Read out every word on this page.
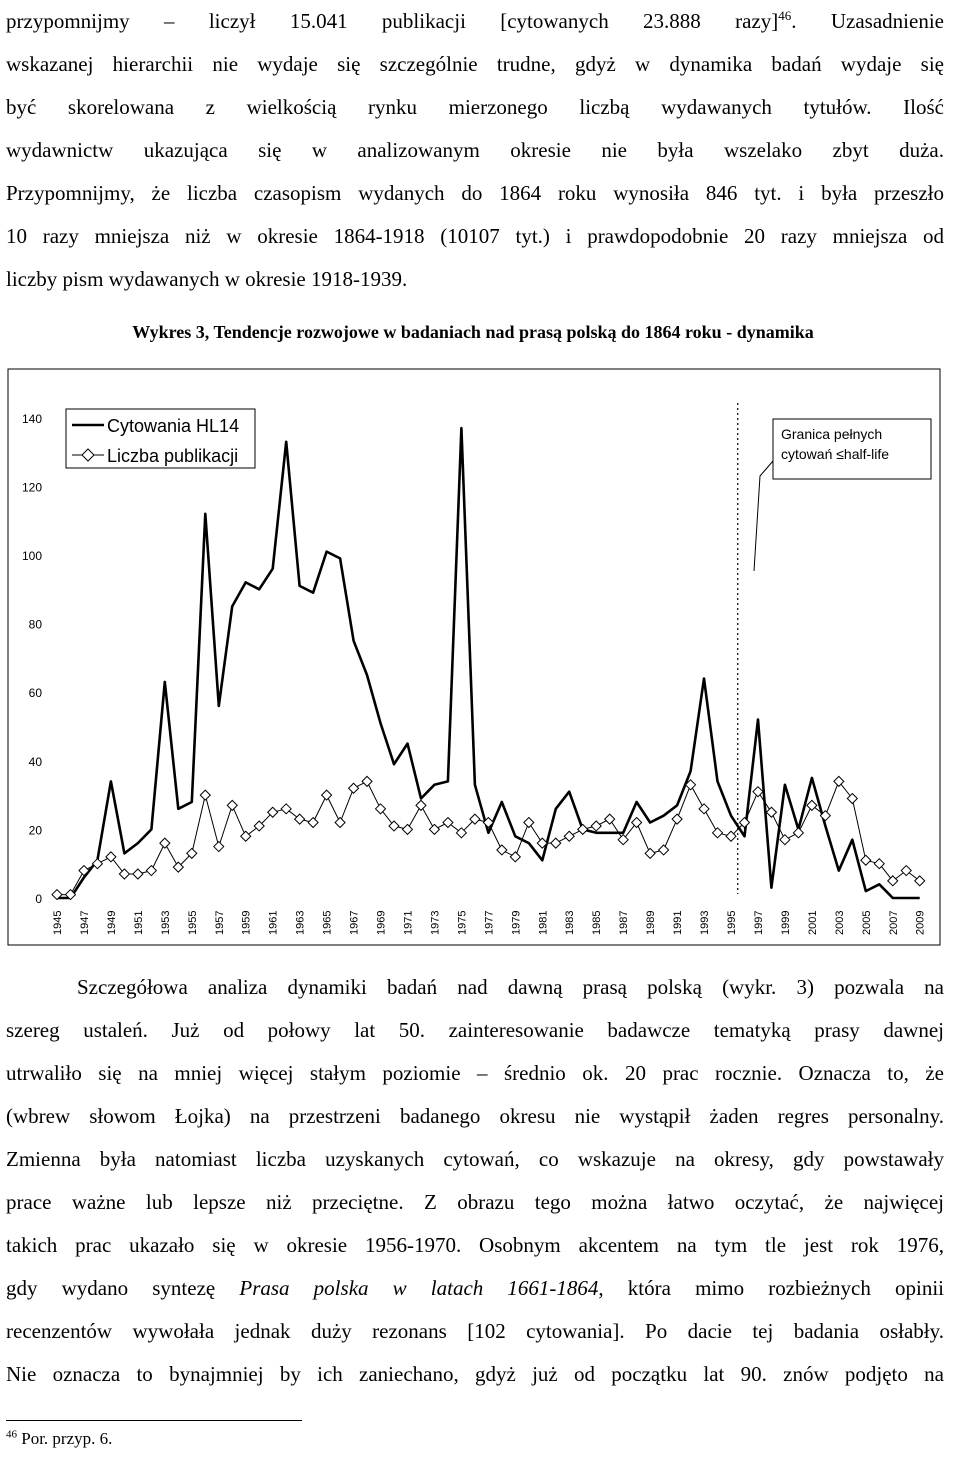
przypomnijmy – liczył 15.041 publikacji [cytowanych 23.888 razy]$^{46}$. Uzasadnienie
wskazanej hierarchii nie wydaje się szczególnie trudne, gdyż w dynamika badań wydaje się
być skorelowana z wielkością rynku mierzonego liczbą wydawanych tytułów. Ilość
wydawnictw ukazująca się w analizowanym okresie nie była wszelako zbyt duża.
Przypomnijmy, że liczba czasopism wydanych do 1864 roku wynosiła 846 tyt. i była przeszło
10 razy mniejsza niż w okresie 1864-1918 (10107 tyt.) i prawdopodobnie 20 razy mniejsza od
liczby pism wydawanych w okresie 1918-1939.
Wykres 3, Tendencje rozwojowe w badaniach nad prasą polską do 1864 roku - dynamika
0
20
40
60
80
100
120
140
1945 1947 1949 1951 1953 1955 1957 1959 1961 1963 1965 1967 1969 1971 1973 1975 1977 1979 1981 1983 1985 1987 1989 1991 1993 1995 1997 1999 2001 2003 2005 2007 2009
Cytowania HL14
Liczba publikacji
Granica pełnych
cytowań ≤half-life
Szczegółowa analiza dynamiki badań nad dawną prasą polską (wykr. 3) pozwala na
szereg ustaleń. Już od połowy lat 50. zainteresowanie badawcze tematyką prasy dawnej
utrwaliło się na mniej więcej stałym poziomie – średnio ok. 20 prac rocznie. Oznacza to, że
(wbrew słowom Łojka) na przestrzeni badanego okresu nie wystąpił żaden regres personalny.
Zmienna była natomiast liczba uzyskanych cytowań, co wskazuje na okresy, gdy powstawały
prace ważne lub lepsze niż przeciętne. Z obrazu tego można łatwo oczytać, że najwięcej
takich prac ukazało się w okresie 1956-1970. Osobnym akcentem na tym tle jest rok 1976,
gdy wydano syntezę Prasa polska w latach 1661-1864, która mimo rozbieżnych opinii
recenzentów wywołała jednak duży rezonans [102 cytowania]. Po dacie tej badania osłabły.
Nie oznacza to bynajmniej by ich zaniechano, gdyż już od początku lat 90. znów podjęto na
$^{46}$ Por. przyp. 6.
